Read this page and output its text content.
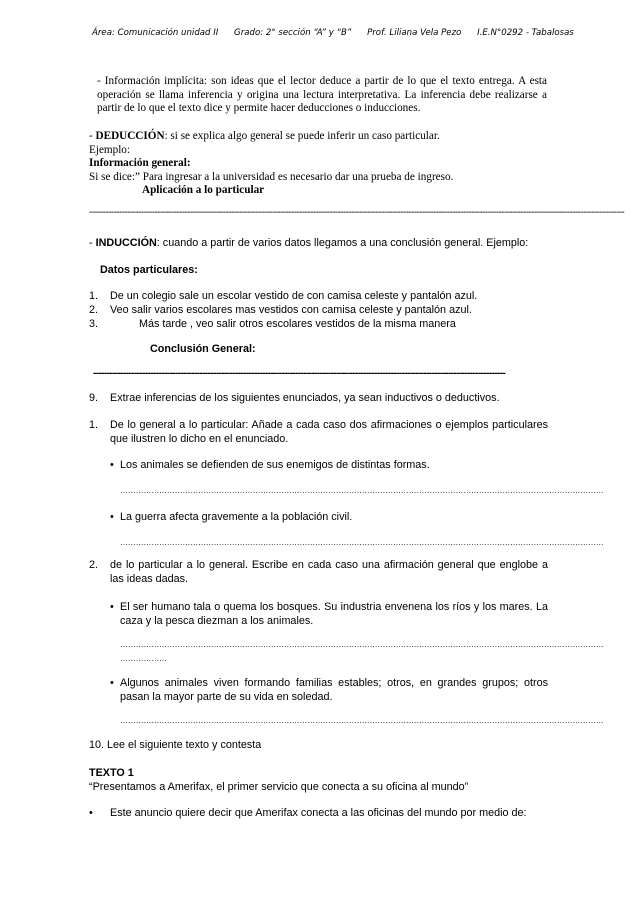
Área: Comunicación unidad II Grado: 2° sección “A” y “B” Prof. Liliana Vela Pezo I.E.N°0292 - Tabalosas
- Información implícita: son ideas que el lector deduce a partir de lo que el texto entrega. A esta operación se llama inferencia y origina una lectura interpretativa. La inferencia debe realizarse a partir de lo que el texto dice y permite hacer deducciones o inducciones.
- DEDUCCIÓN: si se explica algo general se puede inferir un caso particular.
Ejemplo:
Información general:
Si se dice:” Para ingresar a la universidad es necesario dar una prueba de ingreso.
Aplicación a lo particular
----------------------------------------------------------------------------------------------------------------------------------------------------------------------------------------------------
- INDUCCIÓN: cuando a partir de varios datos llegamos a una conclusión general. Ejemplo:
Datos particulares:
1. De un colegio sale un escolar vestido de con camisa celeste y pantalón azul.
2. Veo salir varios escolares mas vestidos con camisa celeste y pantalón azul.
3.	Más tarde , veo salir otros escolares vestidos de la misma manera
Conclusión General:
-------------------------------------------------------------------------------------------------------------------------------------------------------
9. Extrae inferencias de los siguientes enunciados, ya sean inductivos o deductivos.
1. De lo general a lo particular: Añade a cada caso dos afirmaciones o ejemplos particulares que ilustren lo dicho en el enunciado.
• Los animales se defienden de sus enemigos de distintas formas.
……………………………………………………………………………………………………………………………………………………………………
• La guerra afecta gravemente a la población civil.
……………………………………………………………………………………………………………………………………………………………………
2. de lo particular a lo general. Escribe en cada caso una afirmación general que englobe a las ideas dadas.
• El ser humano tala o quema los bosques. Su industria envenena los ríos y los mares. La caza y la pesca diezman a los animales.
……………………………………………………………………………………………………………………………………………………………………
………………
• Algunos animales viven formando familias estables; otros, en grandes grupos; otros pasan la mayor parte de su vida en soledad.
……………………………………………………………………………………………………………………………………………………………………
10. Lee el siguiente texto y contesta
TEXTO 1
“Presentamos a Amerifax, el primer servicio que conecta a su oficina al mundo”
• Este anuncio quiere decir que Amerifax conecta a las oficinas del mundo por medio de:
